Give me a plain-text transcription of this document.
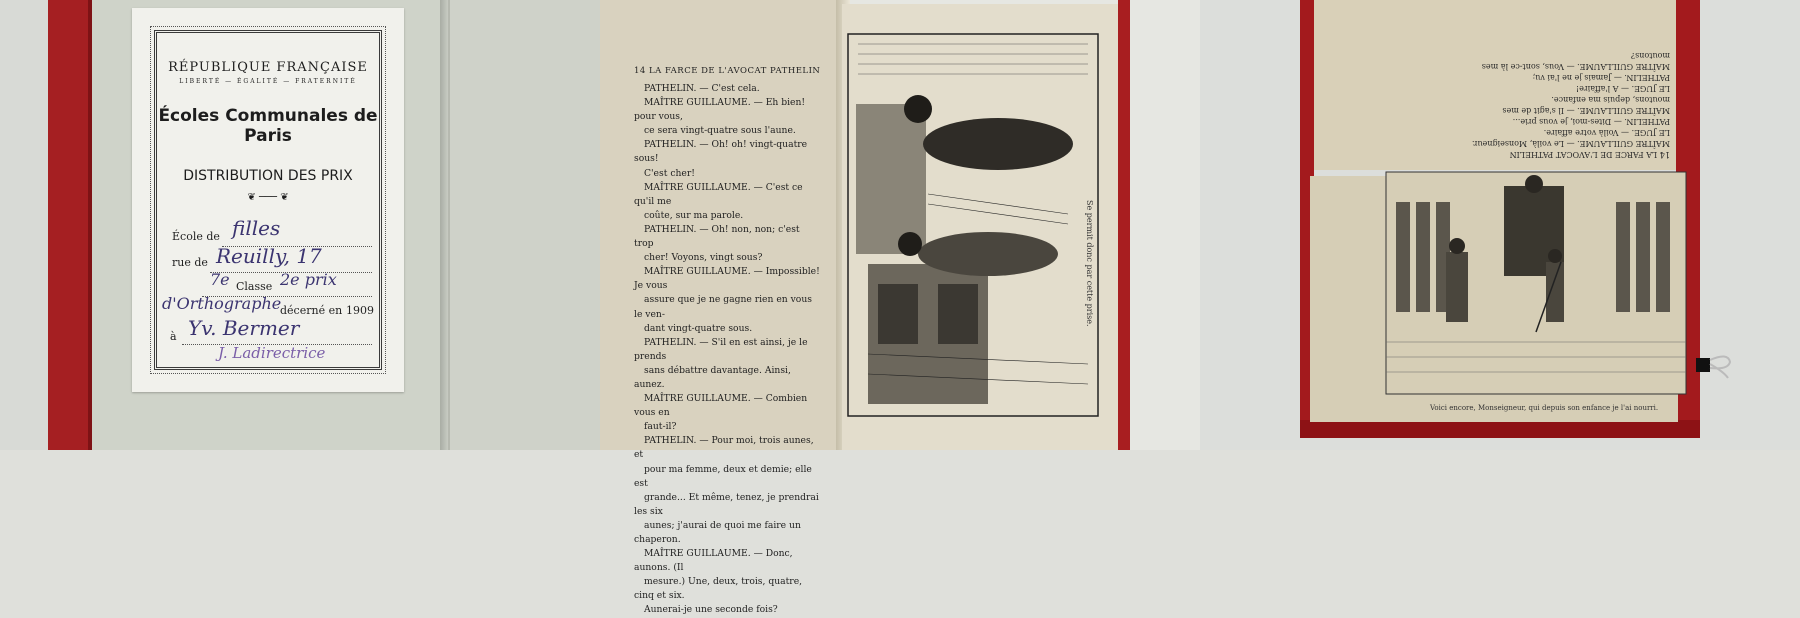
RÉPUBLIQUE FRANÇAISE
LIBERTÉ — ÉGALITÉ — FRATERNITÉ
Écoles Communales de Paris
DISTRIBUTION DES PRIX
❦ ─── ❦
École de filles
rue de Reuilly, 17
7e Classe 2e prix
d'Orthographe
décerné en 1909
à Yv. Bermer
J. Ladirectrice
14 LA FARCE DE L'AVOCAT PATHELIN

PATHELIN. — C'est cela.

MAÎTRE GUILLAUME. — Eh bien! pour vous,

ce sera vingt-quatre sous l'aune.

PATHELIN. — Oh! oh! vingt-quatre sous!

C'est cher!

MAÎTRE GUILLAUME. — C'est ce qu'il me

coûte, sur ma parole.

PATHELIN. — Oh! non, non; c'est trop

cher! Voyons, vingt sous?

MAÎTRE GUILLAUME. — Impossible! Je vous

assure que je ne gagne rien en vous le ven-

dant vingt-quatre sous.

PATHELIN. — S'il en est ainsi, je le prends

sans débattre davantage. Ainsi, aunez.

MAÎTRE GUILLAUME. — Combien vous en

faut-il?

PATHELIN. — Pour moi, trois aunes, et

pour ma femme, deux et demie; elle est

grande... Et même, tenez, je prendrai les six

aunes; j'aurai de quoi me faire un chaperon.

MAÎTRE GUILLAUME. — Donc, aunons. (Il

mesure.) Une, deux, trois, quatre, cinq et six.

Aunerai-je une seconde fois?

Se permit donc par cette prise.
14 LA FARCE DE L'AVOCAT PATHELIN
MAÎTRE GUILLAUME. — Le voilà, Monseigneur.
LE JUGE. — Voilà votre affaire.
PATHELIN. — Dites-moi, je vous prie...
MAÎTRE GUILLAUME. — Il s'agit de mes
moutons, depuis ma enfance.
LE JUGE. — A l'affaire!
PATHELIN. — Jamais je ne l'ai vu;
MAÎTRE GUILLAUME. — Vous, sont-ce là mes
moutons?
Voici encore, Monseigneur, qui depuis son enfance je l'ai nourri.
